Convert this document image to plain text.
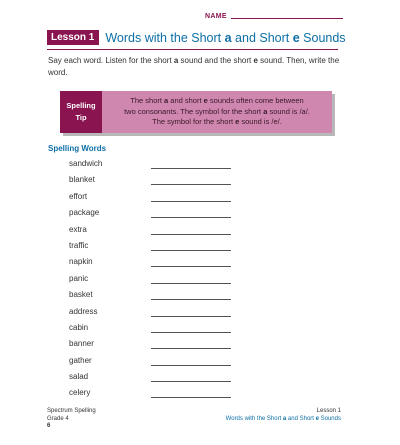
NAME
Lesson 1 Words with the Short a and Short e Sounds
Say each word. Listen for the short a sound and the short e sound. Then, write the word.
Spelling
Tip
The short a and short e sounds often come between
two consonants. The symbol for the short a sound is /a/.
The symbol for the short e sound is /e/.
Spelling Words
sandwich
blanket
effort
package
extra
traffic
napkin
panic
basket
address
cabin
banner
gather
salad
celery
Spectrum Spelling
Grade 4
Lesson 1
Words with the Short a and Short e Sounds
6
